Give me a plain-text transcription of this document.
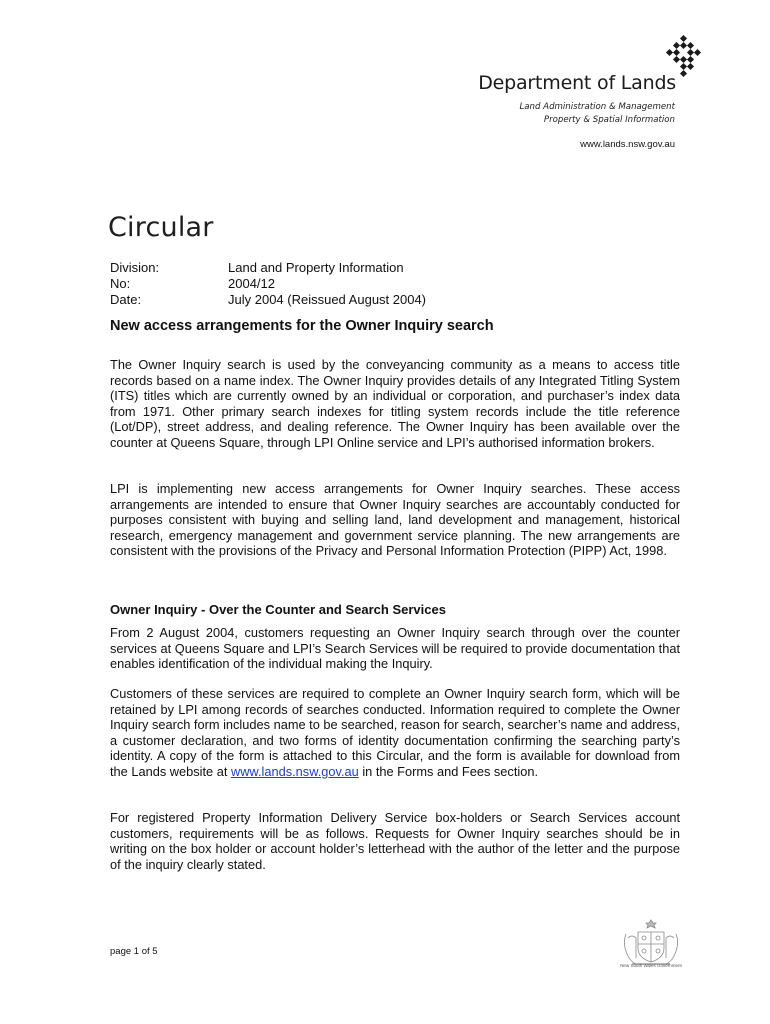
Department of Lands
Land Administration & Management
Property & Spatial Information
www.lands.nsw.gov.au
Circular
Division:	Land and Property Information
No:	2004/12
Date:	July 2004 (Reissued August 2004)
New access arrangements for the Owner Inquiry search
The Owner Inquiry search is used by the conveyancing community as a means to access title records based on a name index. The Owner Inquiry provides details of any Integrated Titling System (ITS) titles which are currently owned by an individual or corporation, and purchaser’s index data from 1971. Other primary search indexes for titling system records include the title reference (Lot/DP), street address, and dealing reference. The Owner Inquiry has been available over the counter at Queens Square, through LPI Online service and LPI’s authorised information brokers.
LPI is implementing new access arrangements for Owner Inquiry searches. These access arrangements are intended to ensure that Owner Inquiry searches are accountably conducted for purposes consistent with buying and selling land, land development and management, historical research, emergency management and government service planning. The new arrangements are consistent with the provisions of the Privacy and Personal Information Protection (PIPP) Act, 1998.
Owner Inquiry - Over the Counter and Search Services
From 2 August 2004, customers requesting an Owner Inquiry search through over the counter services at Queens Square and LPI’s Search Services will be required to provide documentation that enables identification of the individual making the Inquiry.
Customers of these services are required to complete an Owner Inquiry search form, which will be retained by LPI among records of searches conducted. Information required to complete the Owner Inquiry search form includes name to be searched, reason for search, searcher’s name and address, a customer declaration, and two forms of identity documentation confirming the searching party’s identity. A copy of the form is attached to this Circular, and the form is available for download from the Lands website at www.lands.nsw.gov.au in the Forms and Fees section.
For registered Property Information Delivery Service box-holders or Search Services account customers, requirements will be as follows. Requests for Owner Inquiry searches should be in writing on the box holder or account holder’s letterhead with the author of the letter and the purpose of the inquiry clearly stated.
page 1 of 5
New South Wales Government
